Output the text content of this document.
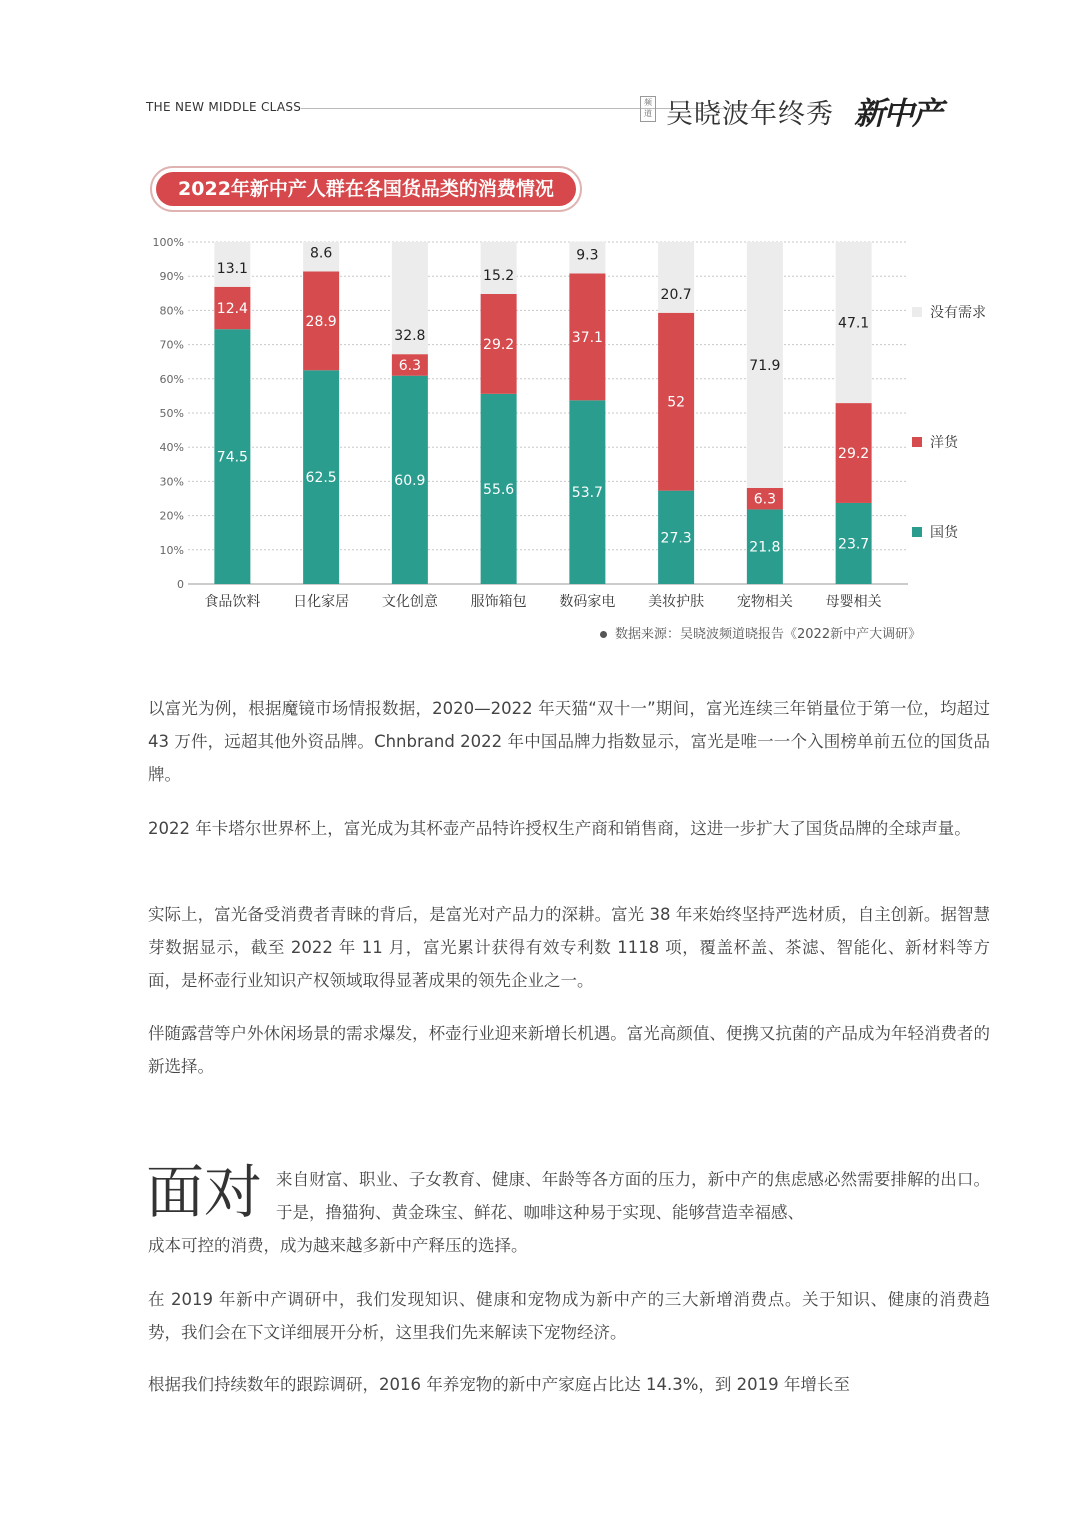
THE NEW MIDDLE CLASS	频道 吴晓波年终秀 新中产
2022年新中产人群在各国货品类的消费情况
0
10%
20%
30%
40%
50%
60%
70%
80%
90%
100%
74.5
12.4
13.1
食品饮料
62.5
28.9
8.6
日化家居
60.9
6.3
32.8
文化创意
55.6
29.2
15.2
服饰箱包
53.7
37.1
9.3
数码家电
27.3
52
20.7
美妆护肤
21.8
6.3
71.9
宠物相关
23.7
29.2
47.1
母婴相关
没有需求
洋货
国货
数据来源：吴晓波频道晓报告《2022新中产大调研》

以富光为例，根据魔镜市场情报数据，2020—2022 年天猫“双十一”期间，富光连续三年销量位于第一位，均超过 43 万件，远超其他外资品牌。Chnbrand 2022 年中国品牌力指数显示，富光是唯一一个入围榜单前五位的国货品牌。

2022 年卡塔尔世界杯上，富光成为其杯壶产品特许授权生产商和销售商，这进一步扩大了国货品牌的全球声量。

实际上，富光备受消费者青睐的背后，是富光对产品力的深耕。富光 38 年来始终坚持严选材质，自主创新。据智慧芽数据显示，截至 2022 年 11 月，富光累计获得有效专利数 1118 项，覆盖杯盖、茶滤、智能化、新材料等方面，是杯壶行业知识产权领域取得显著成果的领先企业之一。

伴随露营等户外休闲场景的需求爆发，杯壶行业迎来新增长机遇。富光高颜值、便携又抗菌的产品成为年轻消费者的新选择。

面对 来自财富、职业、子女教育、健康、年龄等各方面的压力，新中产的焦虑感必然需要排解的出口。于是，撸猫狗、黄金珠宝、鲜花、咖啡这种易于实现、能够营造幸福感、

成本可控的消费，成为越来越多新中产释压的选择。

在 2019 年新中产调研中，我们发现知识、健康和宠物成为新中产的三大新增消费点。关于知识、健康的消费趋势，我们会在下文详细展开分析，这里我们先来解读下宠物经济。

根据我们持续数年的跟踪调研，2016 年养宠物的新中产家庭占比达 14.3%，到 2019 年增长至
